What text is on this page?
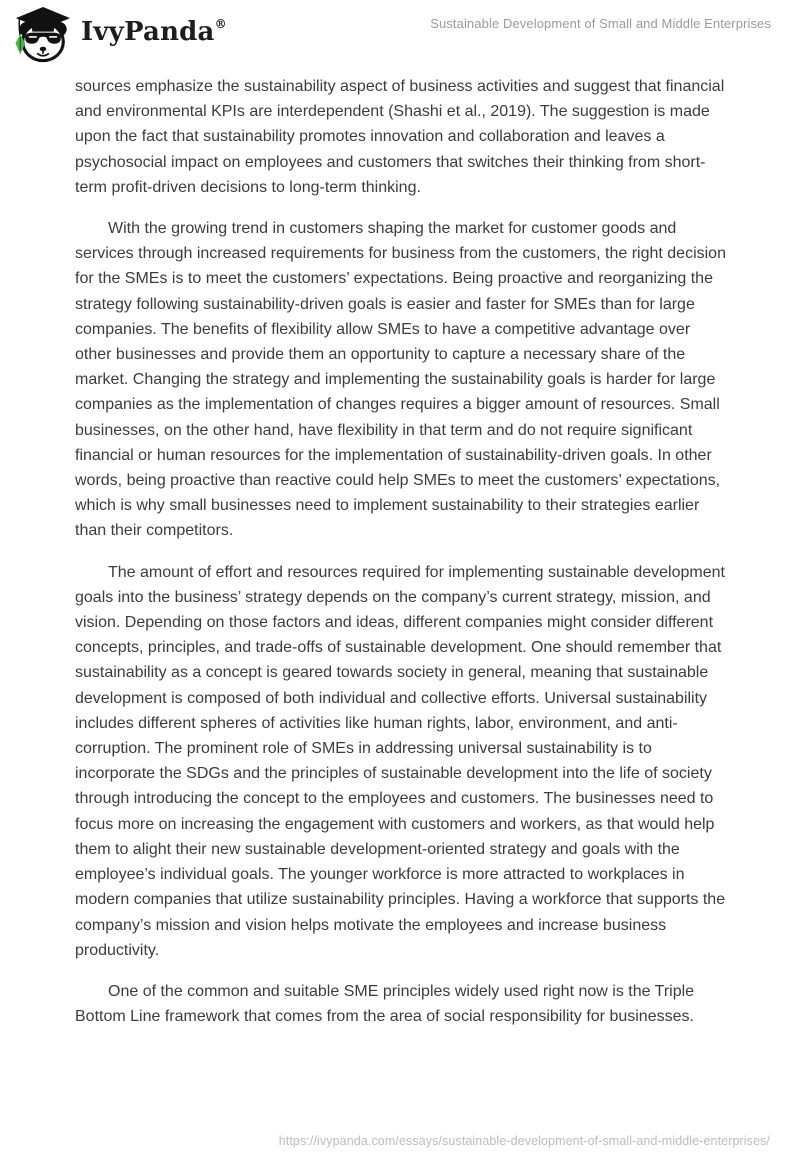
IvyPanda®	Sustainable Development of Small and Middle Enterprises

sources emphasize the sustainability aspect of business activities and suggest that financial and environmental KPIs are interdependent (Shashi et al., 2019). The suggestion is made upon the fact that sustainability promotes innovation and collaboration and leaves a psychosocial impact on employees and customers that switches their thinking from short-term profit-driven decisions to long-term thinking.

With the growing trend in customers shaping the market for customer goods and services through increased requirements for business from the customers, the right decision for the SMEs is to meet the customers’ expectations. Being proactive and reorganizing the strategy following sustainability-driven goals is easier and faster for SMEs than for large companies. The benefits of flexibility allow SMEs to have a competitive advantage over other businesses and provide them an opportunity to capture a necessary share of the market. Changing the strategy and implementing the sustainability goals is harder for large companies as the implementation of changes requires a bigger amount of resources. Small businesses, on the other hand, have flexibility in that term and do not require significant financial or human resources for the implementation of sustainability-driven goals. In other words, being proactive than reactive could help SMEs to meet the customers’ expectations, which is why small businesses need to implement sustainability to their strategies earlier than their competitors.

The amount of effort and resources required for implementing sustainable development goals into the business’ strategy depends on the company’s current strategy, mission, and vision. Depending on those factors and ideas, different companies might consider different concepts, principles, and trade-offs of sustainable development. One should remember that sustainability as a concept is geared towards society in general, meaning that sustainable development is composed of both individual and collective efforts. Universal sustainability includes different spheres of activities like human rights, labor, environment, and anti-corruption. The prominent role of SMEs in addressing universal sustainability is to incorporate the SDGs and the principles of sustainable development into the life of society through introducing the concept to the employees and customers. The businesses need to focus more on increasing the engagement with customers and workers, as that would help them to alight their new sustainable development-oriented strategy and goals with the employee’s individual goals. The younger workforce is more attracted to workplaces in modern companies that utilize sustainability principles. Having a workforce that supports the company’s mission and vision helps motivate the employees and increase business productivity.

One of the common and suitable SME principles widely used right now is the Triple Bottom Line framework that comes from the area of social responsibility for businesses.

https://ivypanda.com/essays/sustainable-development-of-small-and-middle-enterprises/
